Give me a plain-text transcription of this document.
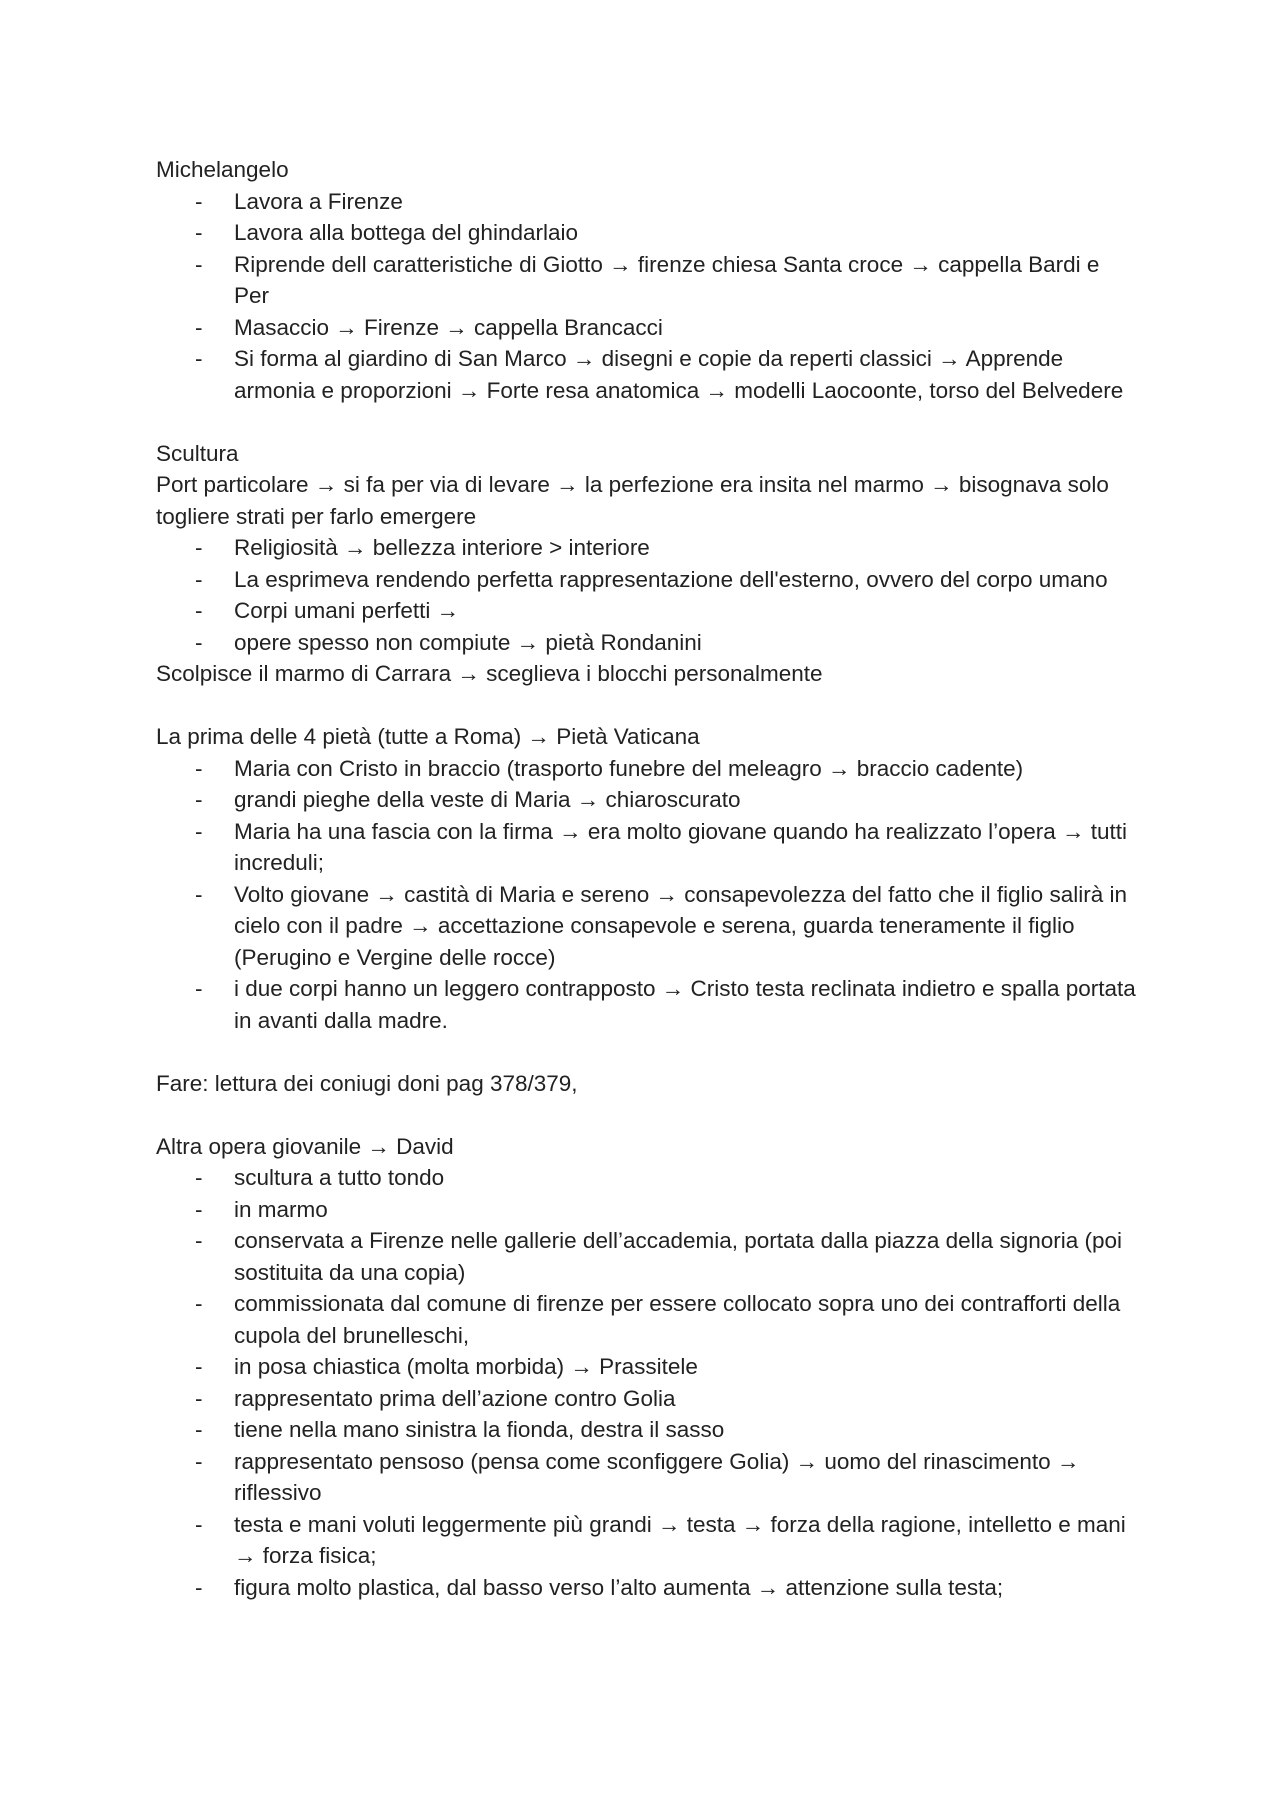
Michelangelo

- Lavora a Firenze
- Lavora alla bottega del ghindarlaio
- Riprende dell caratteristiche di Giotto → firenze chiesa Santa croce → cappella Bardi e Per
- Masaccio → Firenze → cappella Brancacci
- Si forma al giardino di San Marco → disegni e copie da reperti classici → Apprende armonia e proporzioni → Forte resa anatomica → modelli Laocoonte, torso del Belvedere

Scultura

Port particolare → si fa per via di levare → la perfezione era insita nel marmo → bisognava solo togliere strati per farlo emergere

- Religiosità → bellezza interiore > interiore
- La esprimeva rendendo perfetta rappresentazione dell'esterno, ovvero del corpo umano
- Corpi umani perfetti →
- opere spesso non compiute → pietà Rondanini

Scolpisce il marmo di Carrara → sceglieva i blocchi personalmente

La prima delle 4 pietà (tutte a Roma) → Pietà Vaticana

- Maria con Cristo in braccio (trasporto funebre del meleagro → braccio cadente)
- grandi pieghe della veste di Maria → chiaroscurato
- Maria ha una fascia con la firma → era molto giovane quando ha realizzato l’opera → tutti increduli;
- Volto giovane → castità di Maria e sereno → consapevolezza del fatto che il figlio salirà in cielo con il padre → accettazione consapevole e serena, guarda teneramente il figlio (Perugino e Vergine delle rocce)
- i due corpi hanno un leggero contrapposto → Cristo testa reclinata indietro e spalla portata in avanti dalla madre.

Fare: lettura dei coniugi doni pag 378/379,

Altra opera giovanile → David

- scultura a tutto tondo
- in marmo
- conservata a Firenze nelle gallerie dell’accademia, portata dalla piazza della signoria (poi sostituita da una copia)
- commissionata dal comune di firenze per essere collocato sopra uno dei contrafforti della cupola del brunelleschi,
- in posa chiastica (molta morbida) → Prassitele
- rappresentato prima dell’azione contro Golia
- tiene nella mano sinistra la fionda, destra il sasso
- rappresentato pensoso (pensa come sconfiggere Golia) → uomo del rinascimento → riflessivo
- testa e mani voluti leggermente più grandi → testa → forza della ragione, intelletto e mani → forza fisica;
- figura molto plastica, dal basso verso l’alto aumenta → attenzione sulla testa;
